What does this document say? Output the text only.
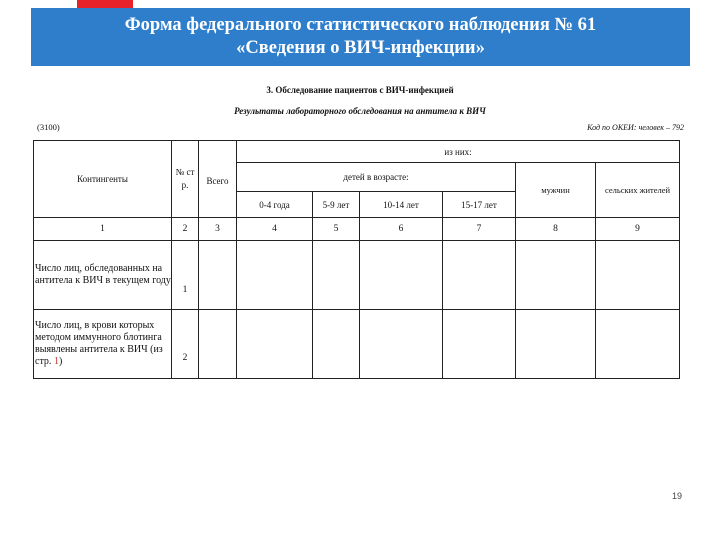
Форма федерального статистического наблюдения № 61
«Сведения о ВИЧ-инфекции»
3. Обследование пациентов с ВИЧ-инфекцией
Результаты лабораторного обследования на антитела к ВИЧ
(3100)	Код по ОКЕИ: человек – 792
Контингенты	№ ст р.	Всего	из них:					
			детей в возрасте:				мужчин	сельских жителей
			0-4 года	5-9 лет	10-14 лет	15-17 лет		
1	2	3	4	5	6	7	8	9
Число лиц, обследованных на антитела к ВИЧ в текущем году	1							
Число лиц, в крови которых методом иммунного блотинга выявлены антитела к ВИЧ (из стр. 1)	2							
19
